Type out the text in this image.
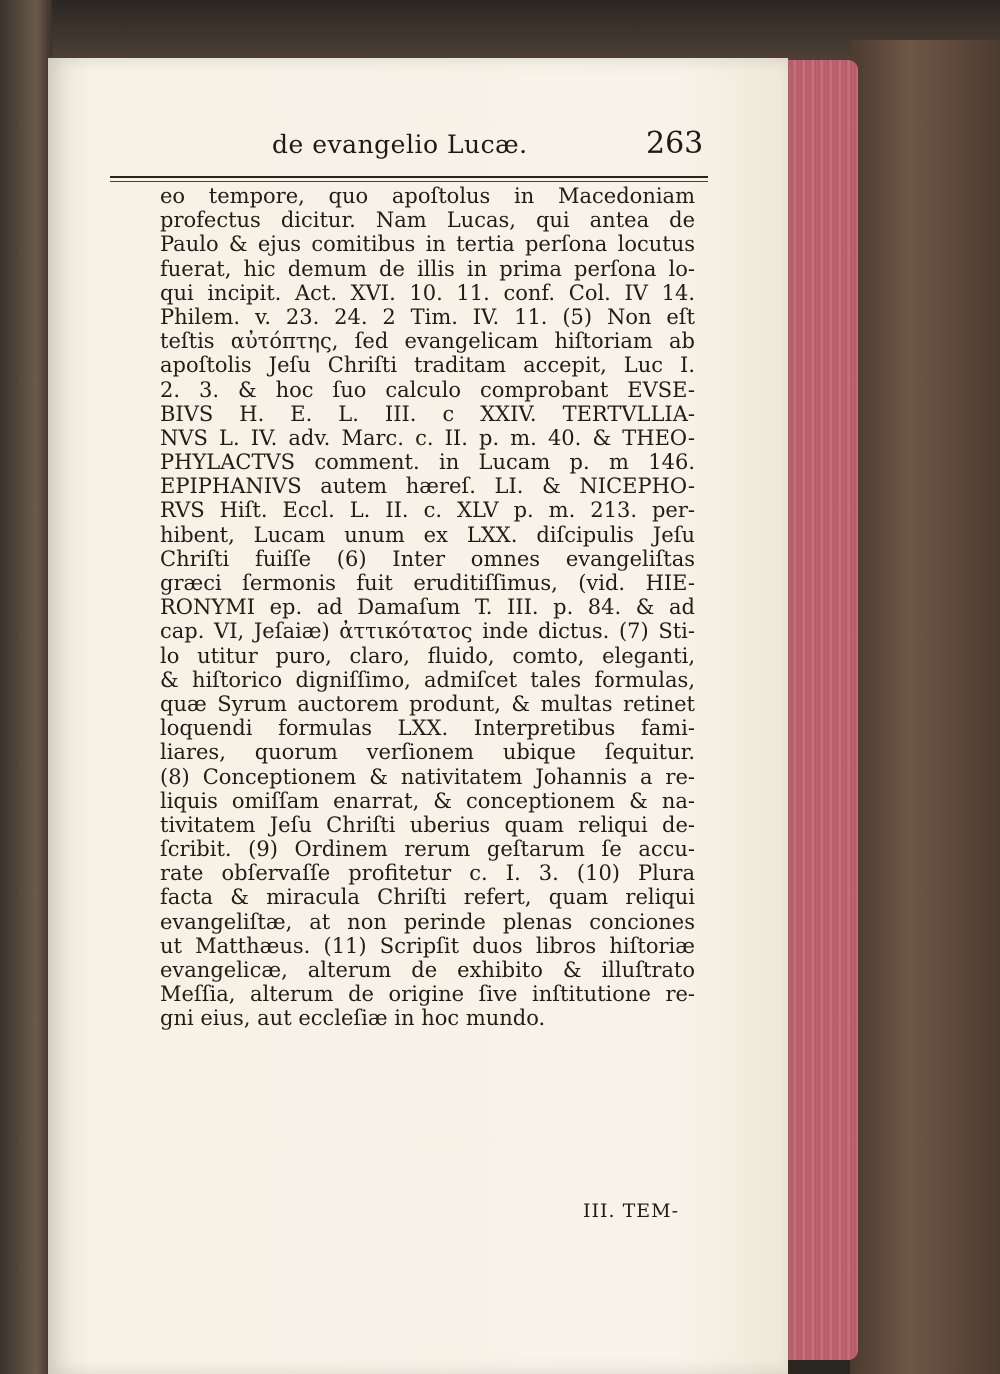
de evangelio Lucæ.	263
eo tempore, quo apoſtolus in Macedoniam
profectus dicitur. Nam Lucas, qui antea de
Paulo & ejus comitibus in tertia perſona locutus
fuerat, hic demum de illis in prima perſona lo-
qui incipit. Act. XVI. 10. 11. conf. Col. IV 14.
Philem. v. 23. 24. 2 Tim. IV. 11. (5) Non eſt
teſtis αὐτόπτης, ſed evangelicam hiſtoriam ab
apoſtolis Jeſu Chriſti traditam accepit, Luc I.
2. 3. & hoc ſuo calculo comprobant EVSE-
BIVS H. E. L. III. c XXIV. TERTVLLIA-
NVS L. IV. adv. Marc. c. II. p. m. 40. & THEO-
PHYLACTVS comment. in Lucam p. m 146.
EPIPHANIVS autem hæreſ. LI. & NICEPHO-
RVS Hiſt. Eccl. L. II. c. XLV p. m. 213. per-
hibent, Lucam unum ex LXX. diſcipulis Jeſu
Chriſti fuiſſe (6) Inter omnes evangeliſtas
græci ſermonis fuit eruditiſſimus, (vid. HIE-
RONYMI ep. ad Damaſum T. III. p. 84. & ad
cap. VI, Jeſaiæ) ἀττικότατος inde dictus. (7) Sti-
lo utitur puro, claro, fluido, comto, eleganti,
& hiſtorico digniſſimo, admiſcet tales formulas,
quæ Syrum auctorem produnt, & multas retinet
loquendi formulas LXX. Interpretibus fami-
liares, quorum verſionem ubique ſequitur.
(8) Conceptionem & nativitatem Johannis a re-
liquis omiſſam enarrat, & conceptionem & na-
tivitatem Jeſu Chriſti uberius quam reliqui de-
ſcribit. (9) Ordinem rerum geſtarum ſe accu-
rate obſervaſſe profitetur c. I. 3. (10) Plura
facta & miracula Chriſti refert, quam reliqui
evangeliſtæ, at non perinde plenas conciones
ut Matthæus. (11) Scripſit duos libros hiſtoriæ
evangelicæ, alterum de exhibito & illuſtrato
Meſſia, alterum de origine ſive inſtitutione re-
gni eius, aut eccleſiæ in hoc mundo.
III. TEM-
